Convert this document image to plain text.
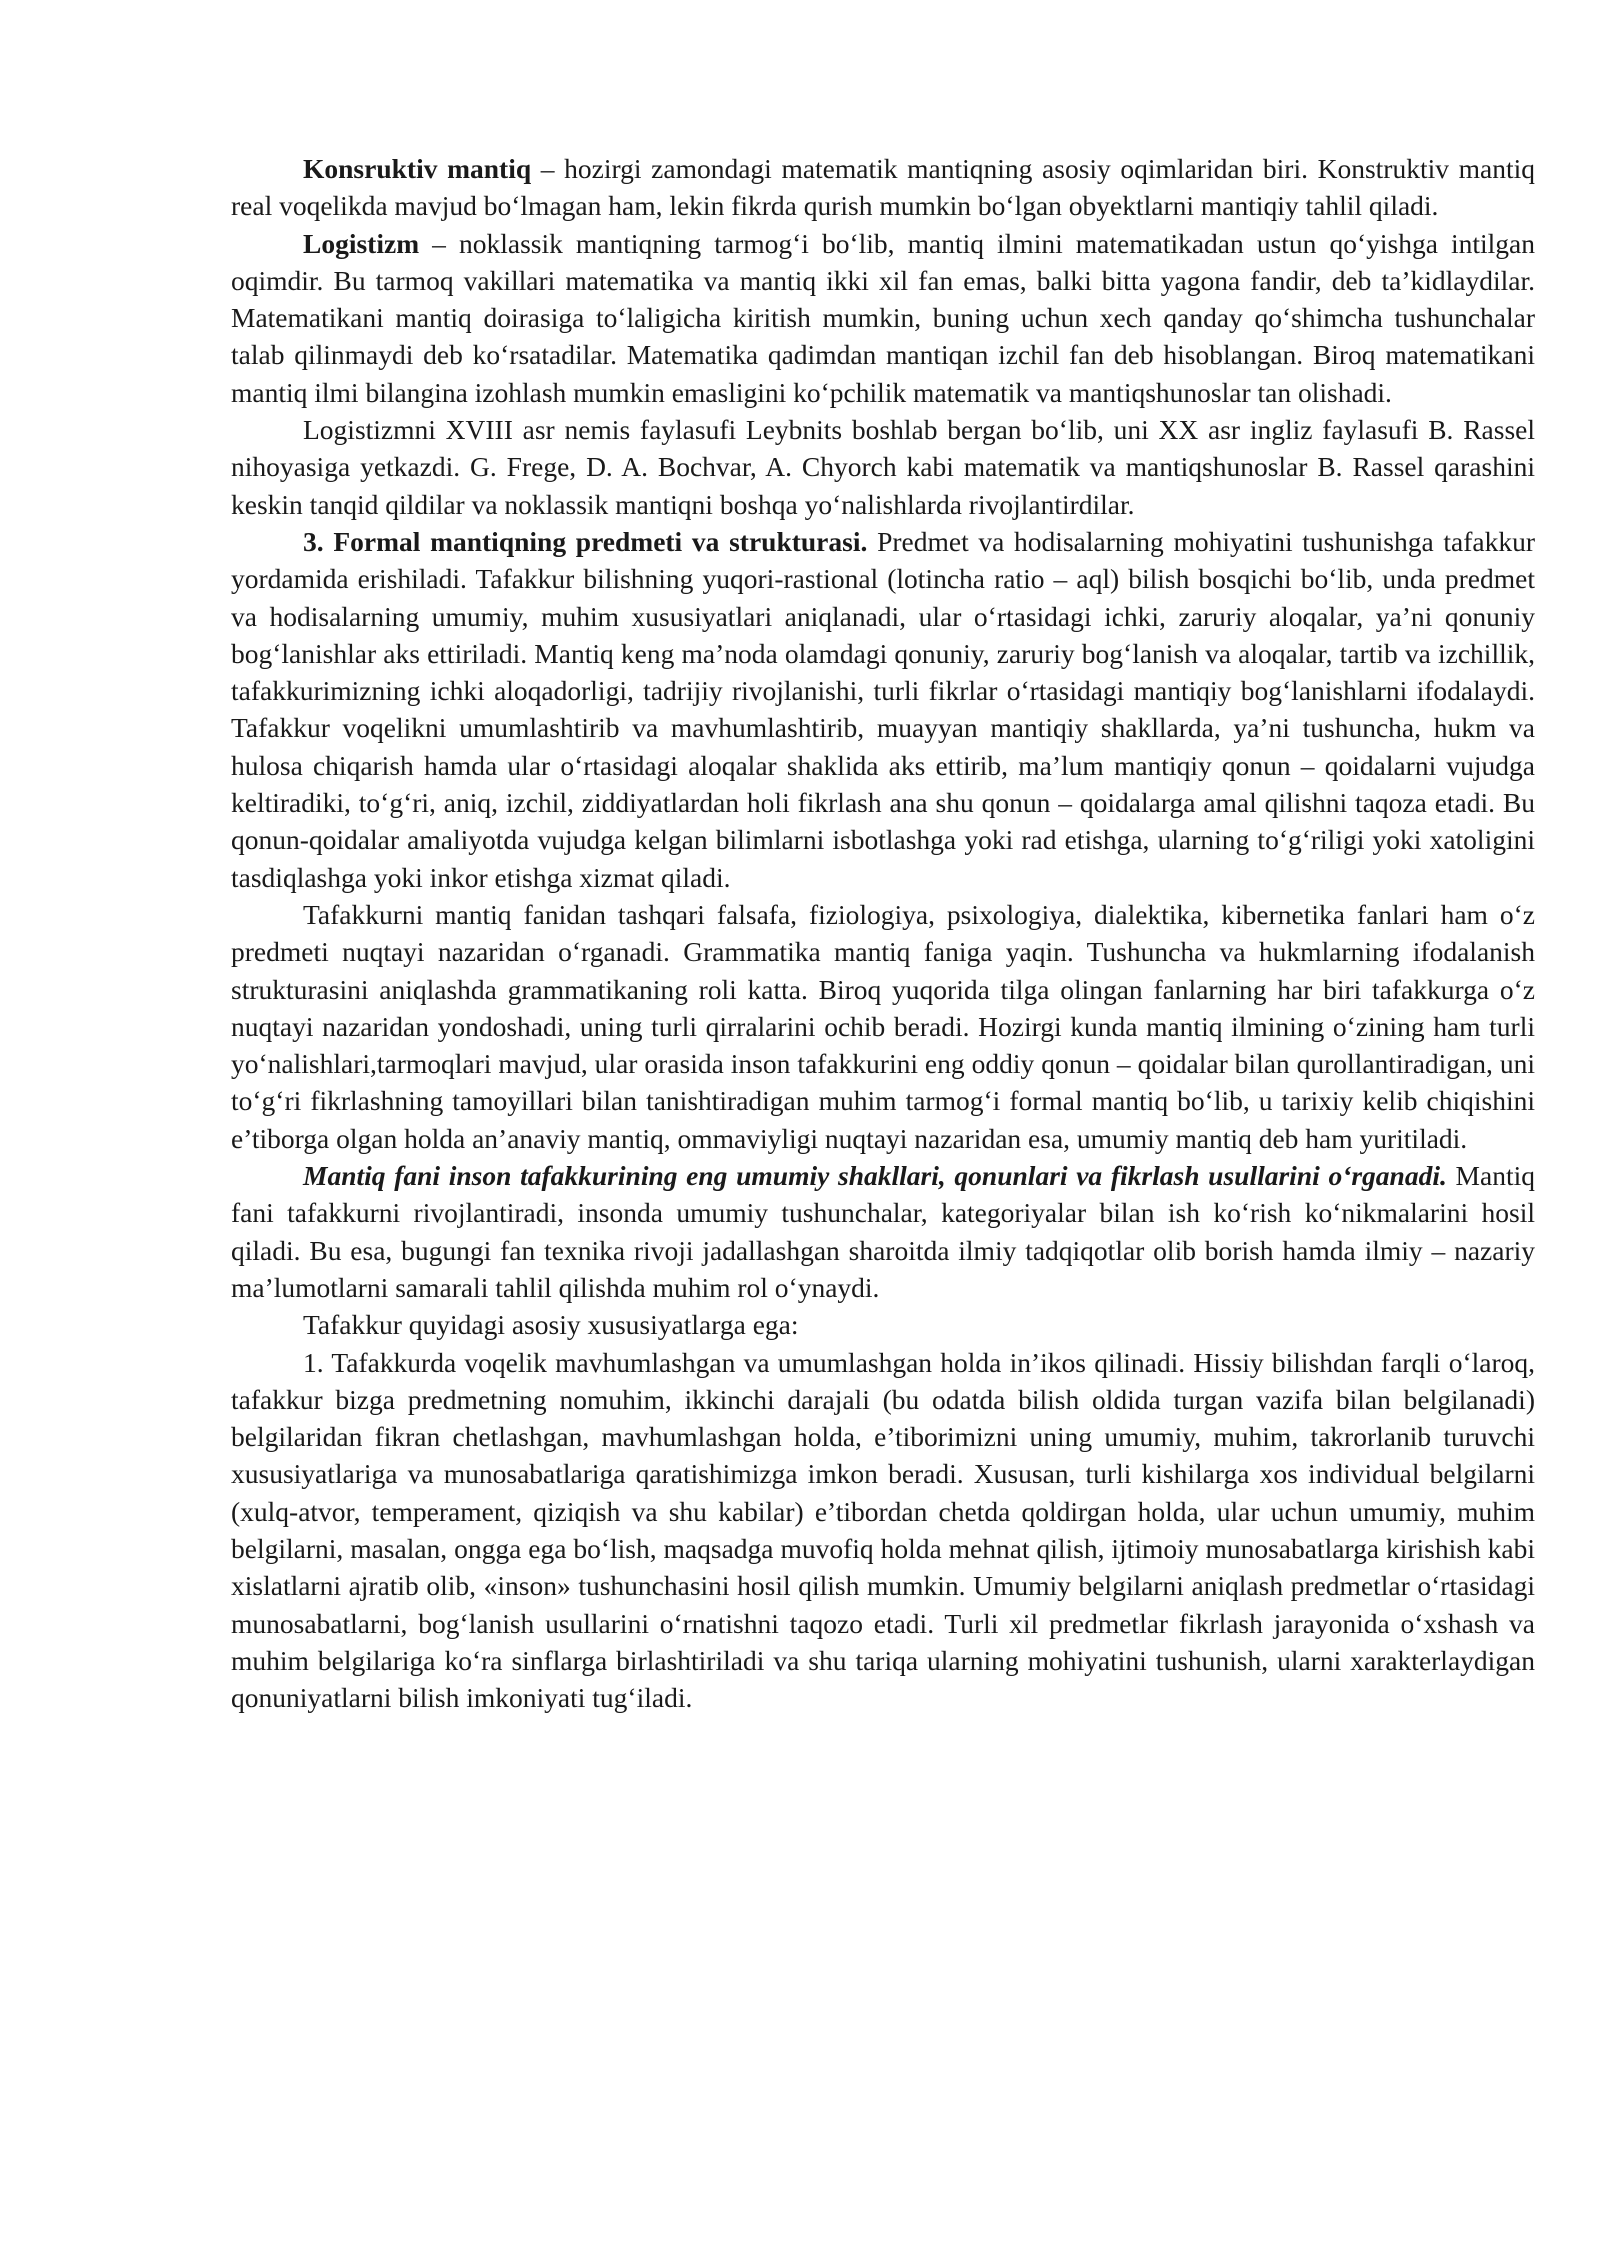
Konsruktiv mantiq – hozirgi zamondagi matematik mantiqning asosiy oqimlaridan biri. Konstruktiv mantiq real voqelikda mavjud bo‘lmagan ham, lekin fikrda qurish mumkin bo‘lgan obyektlarni mantiqiy tahlil qiladi.

Logistizm – noklassik mantiqning tarmog‘i bo‘lib, mantiq ilmini matematikadan ustun qo‘yishga intilgan oqimdir. Bu tarmoq vakillari matematika va mantiq ikki xil fan emas, balki bitta yagona fandir, deb ta’kidlaydilar. Matematikani mantiq doirasiga to‘laligicha kiritish mumkin, buning uchun xech qanday qo‘shimcha tushunchalar talab qilinmaydi deb ko‘rsatadilar. Matematika qadimdan mantiqan izchil fan deb hisoblangan. Biroq matematikani mantiq ilmi bilangina izohlash mumkin emasligini ko‘pchilik matematik va mantiqshunoslar tan olishadi.

Logistizmni XVIII asr nemis faylasufi Leybnits boshlab bergan bo‘lib, uni XX asr ingliz faylasufi B. Rassel nihoyasiga yetkazdi. G. Frege, D. A. Bochvar, A. Chyorch kabi matematik va mantiqshunoslar B. Rassel qarashini keskin tanqid qildilar va noklassik mantiqni boshqa yo‘nalishlarda rivojlantirdilar.

3. Formal mantiqning predmeti va strukturasi. Predmet va hodisalarning mohiyatini tushunishga tafakkur yordamida erishiladi. Tafakkur bilishning yuqori-rastional (lotincha ratio – aql) bilish bosqichi bo‘lib, unda predmet va hodisalarning umumiy, muhim xususiyatlari aniqlanadi, ular o‘rtasidagi ichki, zaruriy aloqalar, ya’ni qonuniy bog‘lanishlar aks ettiriladi. Mantiq keng ma’noda olamdagi qonuniy, zaruriy bog‘lanish va aloqalar, tartib va izchillik, tafakkurimizning ichki aloqadorligi, tadrijiy rivojlanishi, turli fikrlar o‘rtasidagi mantiqiy bog‘lanishlarni ifodalaydi. Tafakkur voqelikni umumlashtirib va mavhumlashtirib, muayyan mantiqiy shakllarda, ya’ni tushuncha, hukm va hulosa chiqarish hamda ular o‘rtasidagi aloqalar shaklida aks ettirib, ma’lum mantiqiy qonun – qoidalarni vujudga keltiradiki, to‘g‘ri, aniq, izchil, ziddiyatlardan holi fikrlash ana shu qonun – qoidalarga amal qilishni taqoza etadi. Bu qonun-qoidalar amaliyotda vujudga kelgan bilimlarni isbotlashga yoki rad etishga, ularning to‘g‘riligi yoki xatoligini tasdiqlashga yoki inkor etishga xizmat qiladi.

Tafakkurni mantiq fanidan tashqari falsafa, fiziologiya, psixologiya, dialektika, kibernetika fanlari ham o‘z predmeti nuqtayi nazaridan o‘rganadi. Grammatika mantiq faniga yaqin. Tushuncha va hukmlarning ifodalanish strukturasini aniqlashda grammatikaning roli katta. Biroq yuqorida tilga olingan fanlarning har biri tafakkurga o‘z nuqtayi nazaridan yondoshadi, uning turli qirralarini ochib beradi. Hozirgi kunda mantiq ilmining o‘zining ham turli yo‘nalishlari,tarmoqlari mavjud, ular orasida inson tafakkurini eng oddiy qonun – qoidalar bilan qurollantiradigan, uni to‘g‘ri fikrlashning tamoyillari bilan tanishtiradigan muhim tarmog‘i formal mantiq bo‘lib, u tarixiy kelib chiqishini e’tiborga olgan holda an’anaviy mantiq, ommaviyligi nuqtayi nazaridan esa, umumiy mantiq deb ham yuritiladi.

Mantiq fani inson tafakkurining eng umumiy shakllari, qonunlari va fikrlash usullarini o‘rganadi. Mantiq fani tafakkurni rivojlantiradi, insonda umumiy tushunchalar, kategoriyalar bilan ish ko‘rish ko‘nikmalarini hosil qiladi. Bu esa, bugungi fan texnika rivoji jadallashgan sharoitda ilmiy tadqiqotlar olib borish hamda ilmiy – nazariy ma’lumotlarni samarali tahlil qilishda muhim rol o‘ynaydi.

Tafakkur quyidagi asosiy xususiyatlarga ega:

1. Tafakkurda voqelik mavhumlashgan va umumlashgan holda in’ikos qilinadi. Hissiy bilishdan farqli o‘laroq, tafakkur bizga predmetning nomuhim, ikkinchi darajali (bu odatda bilish oldida turgan vazifa bilan belgilanadi) belgilaridan fikran chetlashgan, mavhumlashgan holda, e’tiborimizni uning umumiy, muhim, takrorlanib turuvchi xususiyatlariga va munosabatlariga qaratishimizga imkon beradi. Xususan, turli kishilarga xos individual belgilarni (xulq-atvor, temperament, qiziqish va shu kabilar) e’tibordan chetda qoldirgan holda, ular uchun umumiy, muhim belgilarni, masalan, ongga ega bo‘lish, maqsadga muvofiq holda mehnat qilish, ijtimoiy munosabatlarga kirishish kabi xislatlarni ajratib olib, «inson» tushunchasini hosil qilish mumkin. Umumiy belgilarni aniqlash predmetlar o‘rtasidagi munosabatlarni, bog‘lanish usullarini o‘rnatishni taqozo etadi. Turli xil predmetlar fikrlash jarayonida o‘xshash va muhim belgilariga ko‘ra sinflarga birlashtiriladi va shu tariqa ularning mohiyatini tushunish, ularni xarakterlaydigan qonuniyatlarni bilish imkoniyati tug‘iladi.
